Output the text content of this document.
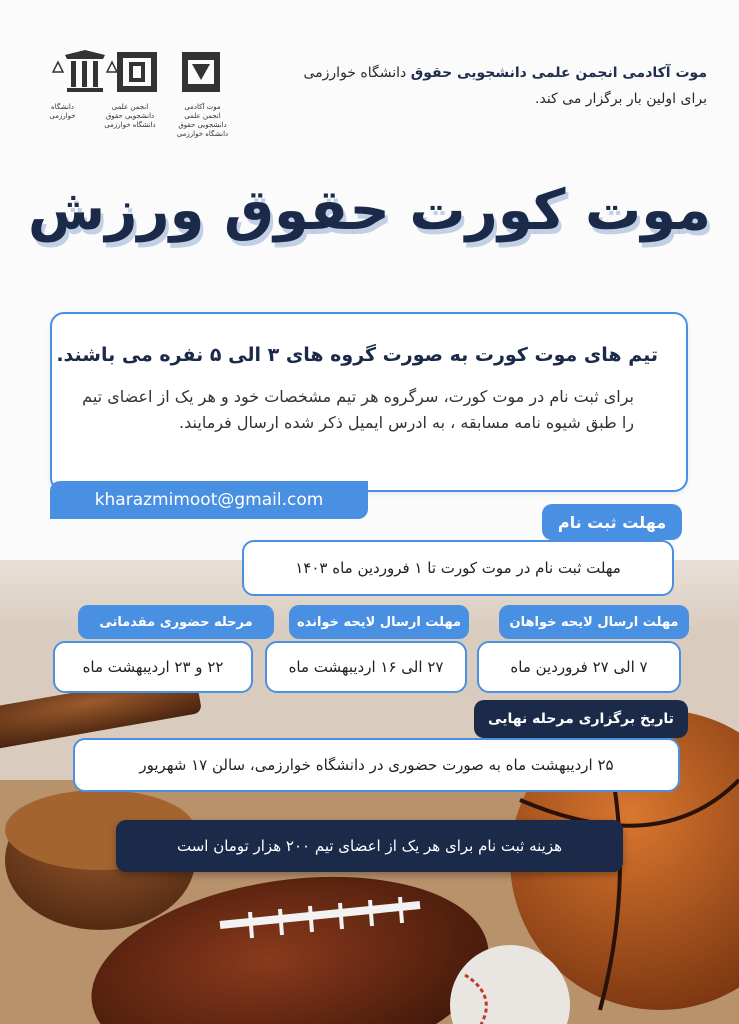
موت آکادمی انجمن علمی دانشجویی حقوق دانشگاه خوارزمی
انجمن علمی دانشجویی حقوق دانشگاه خوارزمی
دانشگاه خوارزمی
موت آکادمی انجمن علمی دانشجویی حقوق دانشگاه خوارزمی
برای اولین بار برگزار می کند.
موت کورت حقوق ورزش
تیم های موت کورت به صورت گروه های ۳ الی ۵ نفره می باشند.
برای ثبت نام در موت کورت، سرگروه هر تیم مشخصات خود و هر یک از اعضای تیم را طبق شیوه نامه مسابقه ، به ادرس ایمیل ذکر شده ارسال فرمایند.
kharazmimoot@gmail.com
مهلت ثبت نام
مهلت ثبت نام در موت کورت تا ۱ فروردین ماه ۱۴۰۳
مهلت ارسال لایحه خواهان
۷ الی ۲۷ فروردین ماه
مهلت ارسال لایحه خوانده
۲۷ الی ۱۶ اردیبهشت ماه
مرحله حضوری مقدماتی
۲۲ و ۲۳ اردیبهشت ماه
تاریخ برگزاری مرحله نهایی
۲۵ اردیبهشت ماه به صورت حضوری در دانشگاه خوارزمی، سالن ۱۷ شهریور
هزینه ثبت نام برای هر یک از اعضای تیم ۲۰۰ هزار تومان است
